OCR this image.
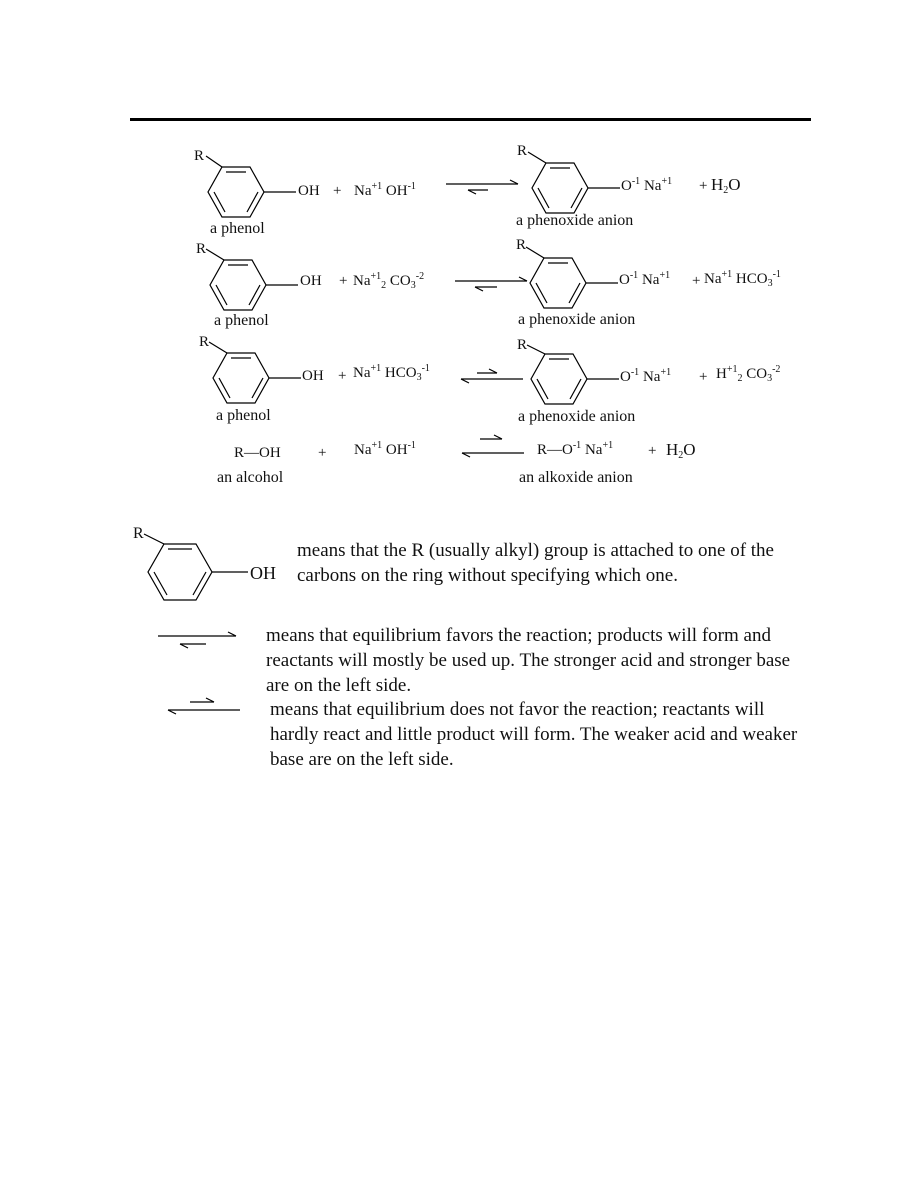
R
OH + $Na^{+1}$ $OH^{-1}$
a phenol
R
$O^{-1}$ $Na^{+1} + H_2O$
a phenoxide anion
R
OH + $Na^{+1}_2$ $CO_3^{-2}$
a phenol
R
$O^{-1}$ $Na^{+1} + Na^{+1}$ $HCO_3^{-1}$
a phenoxide anion
R
OH + $Na^{+1}$ $HCO_3^{-1}$
a phenol
R
$O^{-1}$ $Na^{+1} + H^{+1}_2$ $CO_3^{-2}$
a phenoxide anion
R—OH + $Na^{+1}$ $OH^{-1}$
an alcohol
$R—O^{-1}$ $Na^{+1} + H_2O$
an alkoxide anion
R
OH
means that the R (usually alkyl) group is attached to one of the carbons on the ring without specifying which one.
means that equilibrium favors the reaction; products will form and reactants will mostly be used up. The stronger acid and stronger base are on the left side.
means that equilibrium does not favor the reaction; reactants will hardly react and little product will form. The weaker acid and weaker base are on the left side.
